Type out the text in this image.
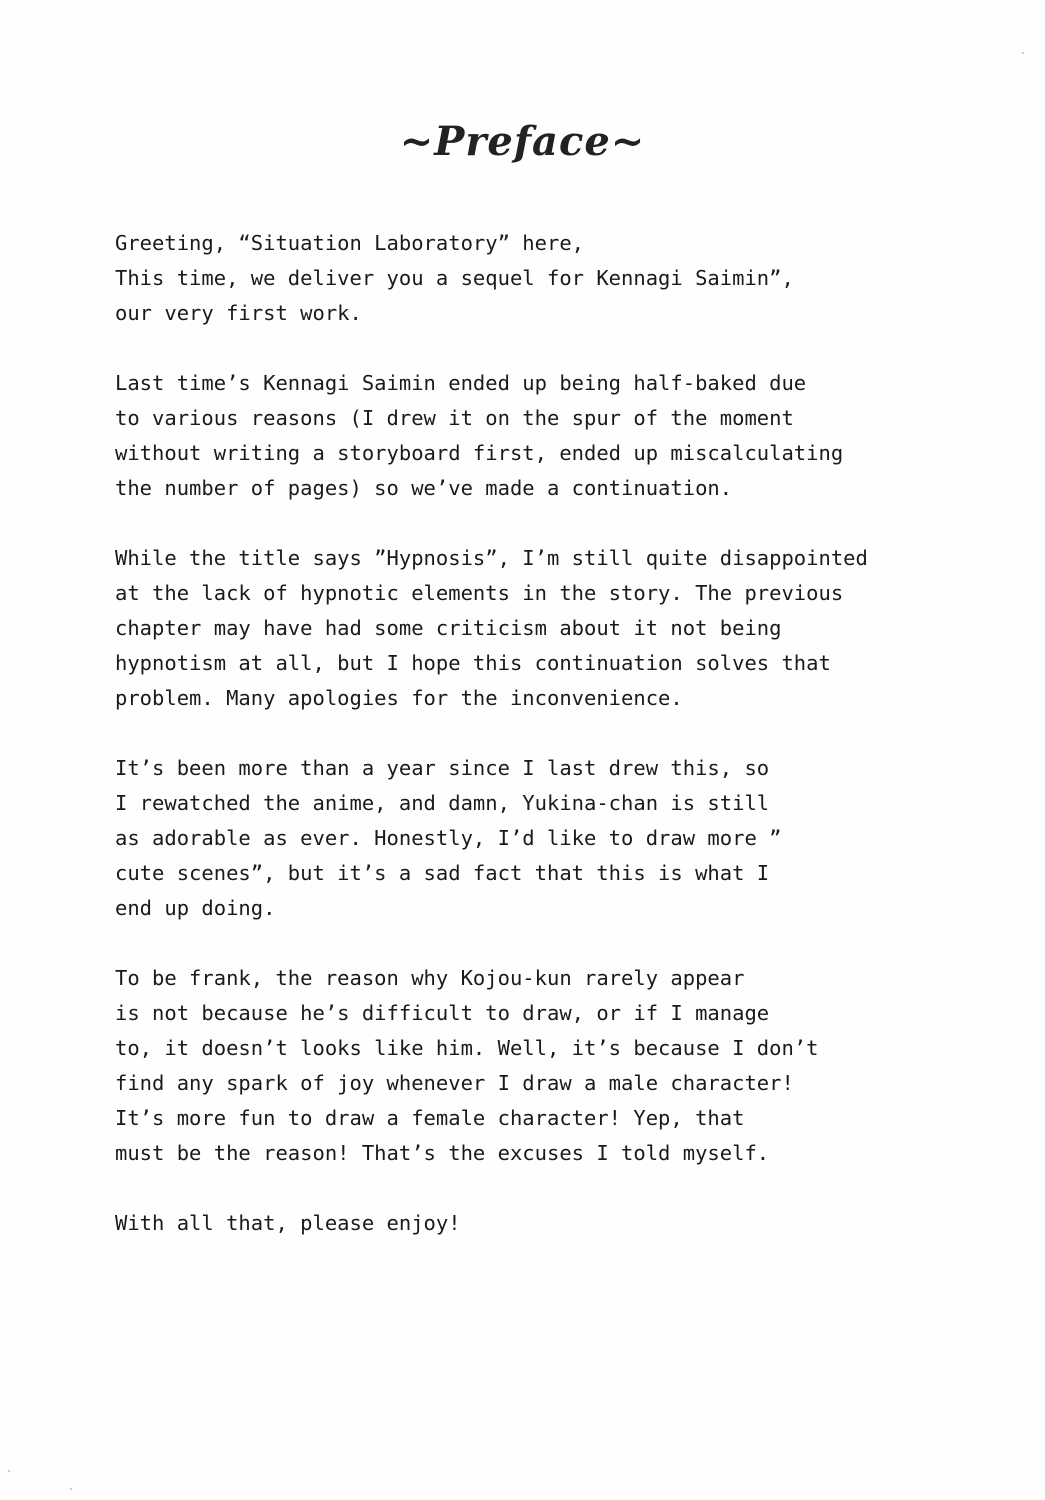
~Preface~
Greeting, “Situation Laboratory” here,
This time, we deliver you a sequel for Kennagi Saimin”,
our very first work.
Last time’s Kennagi Saimin ended up being half-baked due
to various reasons (I drew it on the spur of the moment
without writing a storyboard first, ended up miscalculating
the number of pages) so we’ve made a continuation.
While the title says ”Hypnosis”, I’m still quite disappointed
at the lack of hypnotic elements in the story. The previous
chapter may have had some criticism about it not being
hypnotism at all, but I hope this continuation solves that
problem. Many apologies for the inconvenience.
It’s been more than a year since I last drew this, so
I rewatched the anime, and damn, Yukina-chan is still
as adorable as ever. Honestly, I’d like to draw more ”
cute scenes”, but it’s a sad fact that this is what I
end up doing.
To be frank, the reason why Kojou-kun rarely appear
is not because he’s difficult to draw, or if I manage
to, it doesn’t looks like him. Well, it’s because I don’t
find any spark of joy whenever I draw a male character!
It’s more fun to draw a female character! Yep, that
must be the reason! That’s the excuses I told myself.
With all that, please enjoy!
